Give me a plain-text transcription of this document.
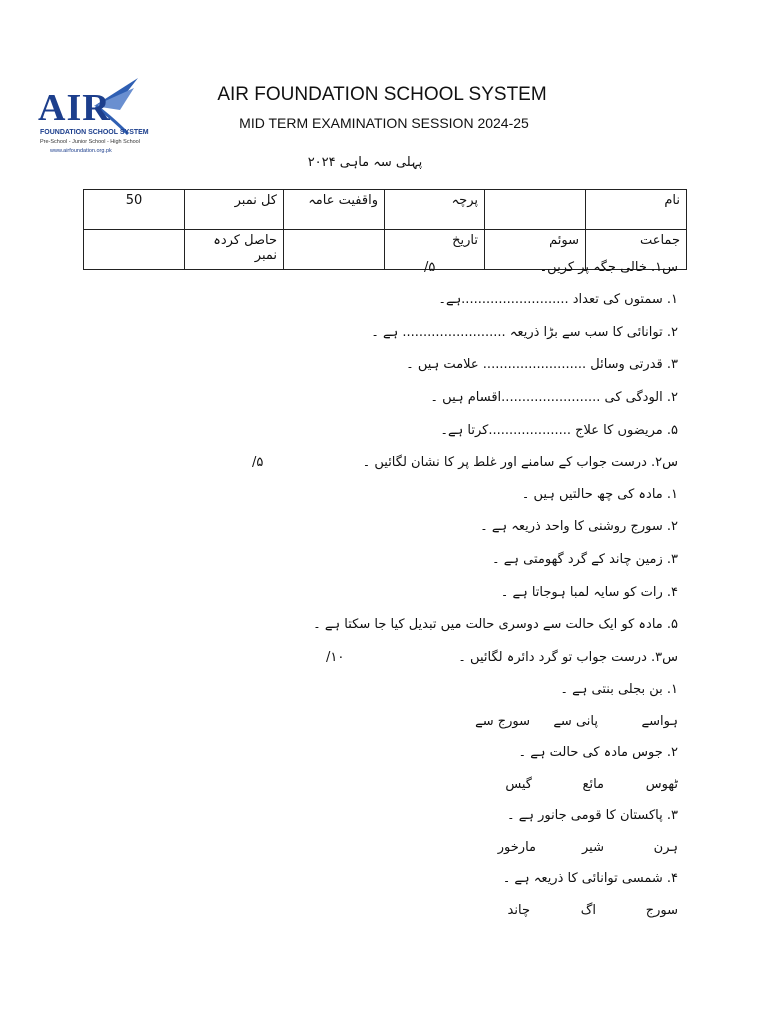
AIR
FOUNDATION SCHOOL SYSTEM
Pre-School - Junior School - High School
www.airfoundation.org.pk
AIR FOUNDATION SCHOOL SYSTEM
MID TERM EXAMINATION SESSION 2024-25
پہلی سہ ماہی ۲۰۲۴
50	کل نمبر	واقفیت عامہ	پرچہ		نام
	حاصل کردہ نمبر		تاریخ	سوئم	جماعت
س۱. خالی جگہ پر کریں۔
/۵
۱. سمتوں کی تعداد ..........................ہے۔
۲. توانائی کا سب سے بڑا ذریعہ ......................... ہے ۔
۳. قدرتی وسائل ......................... علامت ہیں ۔
۲. الودگی کی ........................اقسام ہیں ۔
۵. مریضوں کا علاج ....................کرتا ہے۔
س۲. درست جواب کے سامنے اور غلط پر کا نشان لگائیں ۔
/۵
۱. مادہ کی چھ حالتیں ہیں ۔
۲. سورج روشنی کا واحد ذریعہ ہے ۔
۳. زمین چاند کے گرد گھومتی ہے ۔
۴. رات کو سایہ لمبا ہوجاتا ہے ۔
۵. مادہ کو ایک حالت سے دوسری حالت میں تبدیل کیا جا سکتا ہے ۔
س۳. درست جواب تو گرد دائرہ لگائیں ۔
/۱۰
۱. بن بجلی بنتی ہے ۔
سورج سے پانی سے	ہواسے
۲. جوس مادہ کی حالت ہے ۔
گیس	مائع	ٹھوس
۳. پاکستان کا قومی جانور ہے ۔
مارخور	شیر	ہرن
۴. شمسی توانائی کا ذریعہ ہے ۔
چاند	اگ	سورج
